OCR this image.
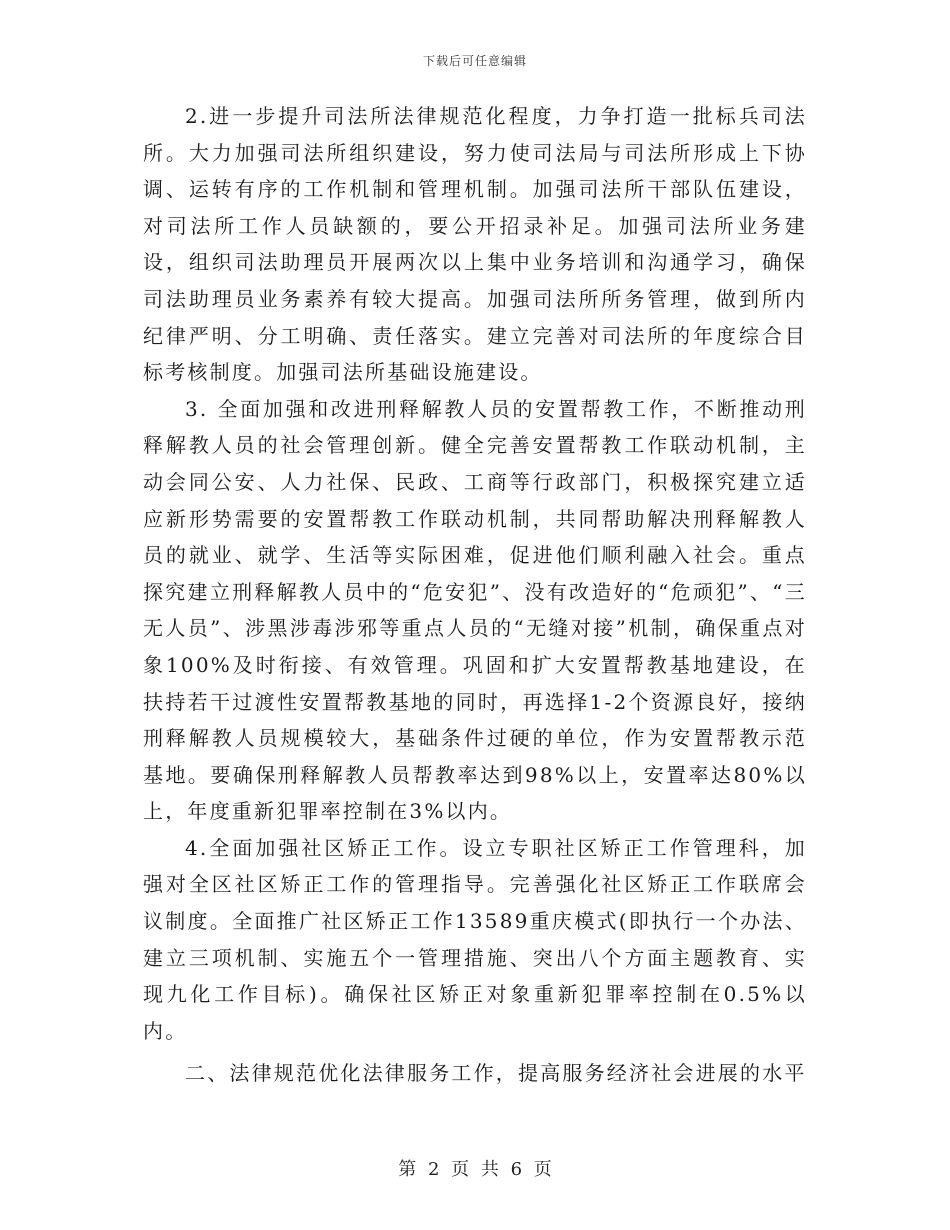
下载后可任意编辑

2.进一步提升司法所法律规范化程度，力争打造一批标兵司法所。大力加强司法所组织建设，努力使司法局与司法所形成上下协调、运转有序的工作机制和管理机制。加强司法所干部队伍建设，对司法所工作人员缺额的，要公开招录补足。加强司法所业务建设，组织司法助理员开展两次以上集中业务培训和沟通学习，确保司法助理员业务素养有较大提高。加强司法所所务管理，做到所内纪律严明、分工明确、责任落实。建立完善对司法所的年度综合目标考核制度。加强司法所基础设施建设。

3. 全面加强和改进刑释解教人员的安置帮教工作，不断推动刑释解教人员的社会管理创新。健全完善安置帮教工作联动机制，主动会同公安、人力社保、民政、工商等行政部门，积极探究建立适应新形势需要的安置帮教工作联动机制，共同帮助解决刑释解教人员的就业、就学、生活等实际困难，促进他们顺利融入社会。重点探究建立刑释解教人员中的“危安犯”、没有改造好的“危顽犯”、“三无人员”、涉黑涉毒涉邪等重点人员的“无缝对接”机制，确保重点对象100%及时衔接、有效管理。巩固和扩大安置帮教基地建设，在扶持若干过渡性安置帮教基地的同时，再选择1-2个资源良好，接纳刑释解教人员规模较大，基础条件过硬的单位，作为安置帮教示范基地。要确保刑释解教人员帮教率达到98%以上，安置率达80%以上，年度重新犯罪率控制在3%以内。

4.全面加强社区矫正工作。设立专职社区矫正工作管理科，加强对全区社区矫正工作的管理指导。完善强化社区矫正工作联席会议制度。全面推广社区矫正工作13589重庆模式(即执行一个办法、建立三项机制、实施五个一管理措施、突出八个方面主题教育、实现九化工作目标)。确保社区矫正对象重新犯罪率控制在0.5%以内。

二、法律规范优化法律服务工作，提高服务经济社会进展的水平

第 2 页 共 6 页
